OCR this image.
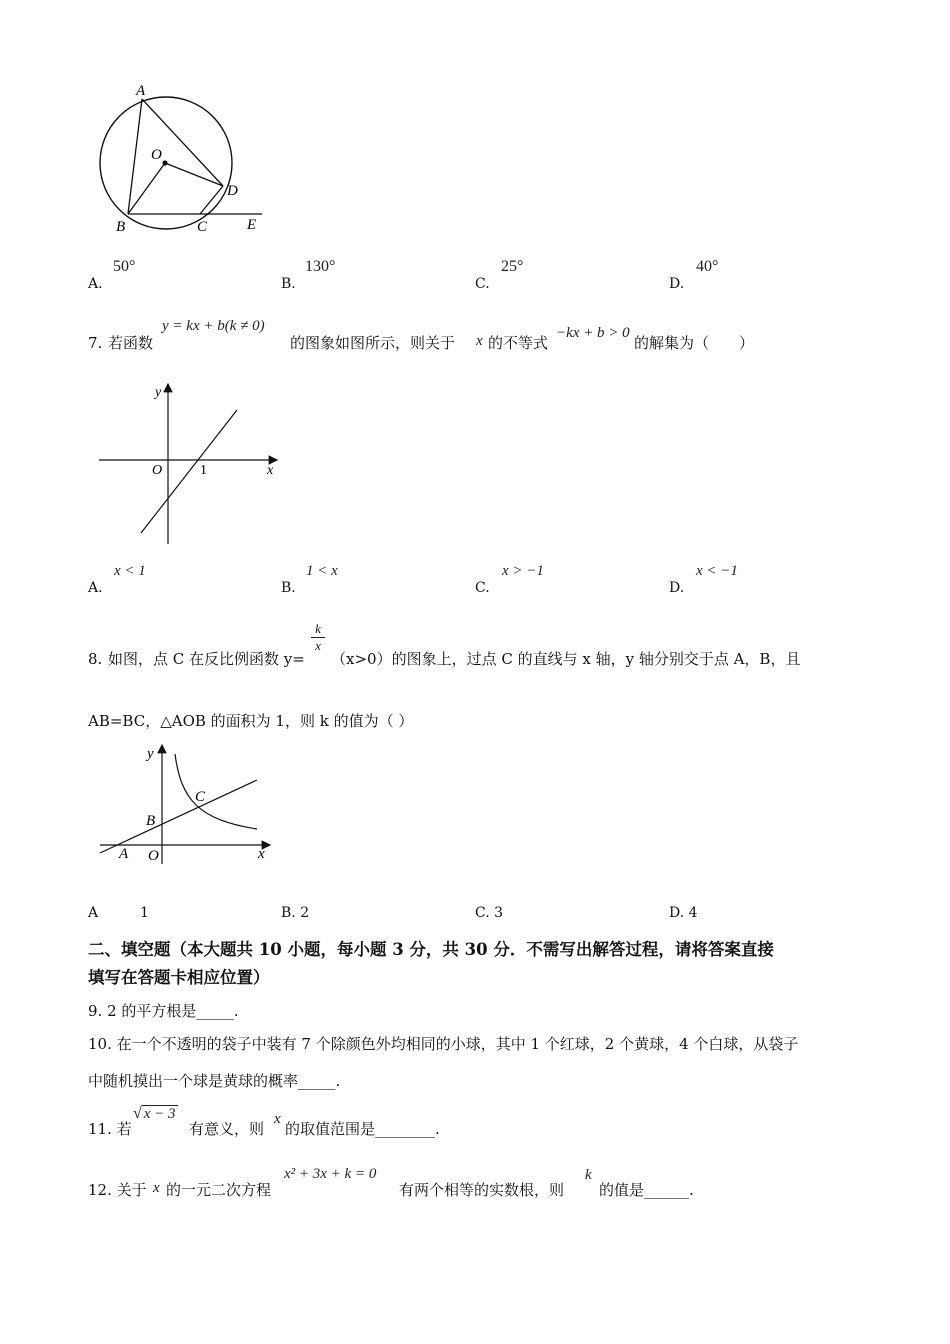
A
O
D
B	C	E
A.
50°
B.
130°
C.
25°
D.
40°
7. 若函数
y = kx + b(k ≠ 0)
的图象如图所示，则关于 x 的不等式
−kx + b > 0
的解集为（　　）
y
O	1	x
A.
x < 1
B.
1 < x
C.
x > −1
D.
x < −1
8. 如图，点 C 在反比例函数 y=
k
x
（x>0）的图象上，过点 C 的直线与 x 轴，y 轴分别交于点 A，B，且
AB=BC，△AOB 的面积为 1，则 k 的值为（ ）
y
C
B
A O	x
A	1	B. 2	C. 3	D. 4
二、填空题（本大题共 10 小题，每小题 3 分，共 30 分．不需写出解答过程，请将答案直接
填写在答题卡相应位置）
9. 2 的平方根是_____.
10. 在一个不透明的袋子中装有 7 个除颜色外均相同的小球，其中 1 个红球，2 个黄球，4 个白球，从袋子
中随机摸出一个球是黄球的概率_____.
11. 若
√ x − 3
有意义，则
x
的取值范围是________.
12. 关于 x 的一元二次方程
x² + 3x + k = 0
有两个相等的实数根，则
k
的值是______.
